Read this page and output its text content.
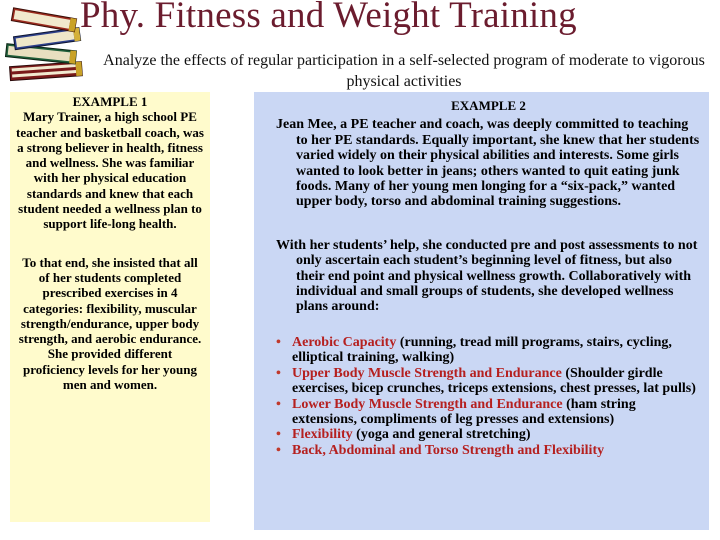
Phy. Fitness and Weight Training
Analyze the effects of regular participation in a self-selected program of moderate to vigorous physical activities
EXAMPLE 1

Mary Trainer, a high school PE teacher and basketball coach, was a strong believer in health, fitness and wellness. She was familiar with her physical education standards and knew that each student needed a wellness plan to support life-long health.

To that end, she insisted that all of her students completed prescribed exercises in 4 categories: flexibility, muscular strength/endurance, upper body strength, and aerobic endurance. She provided different proficiency levels for her young men and women.

EXAMPLE 2

Jean Mee, a PE teacher and coach, was deeply committed to teaching to her PE standards. Equally important, she knew that her students varied widely on their physical abilities and interests. Some girls wanted to look better in jeans; others wanted to quit eating junk foods. Many of her young men longing for a “six-pack,” wanted upper body, torso and abdominal training suggestions.

With her students’ help, she conducted pre and post assessments to not only ascertain each student’s beginning level of fitness, but also their end point and physical wellness growth. Collaboratively with individual and small groups of students, she developed wellness plans around:

• Aerobic Capacity (running, tread mill programs, stairs, cycling, elliptical training, walking)
• Upper Body Muscle Strength and Endurance (Shoulder girdle exercises, bicep crunches, triceps extensions, chest presses, lat pulls)
• Lower Body Muscle Strength and Endurance (ham string extensions, compliments of leg presses and extensions)
• Flexibility (yoga and general stretching)
• Back, Abdominal and Torso Strength and Flexibility
